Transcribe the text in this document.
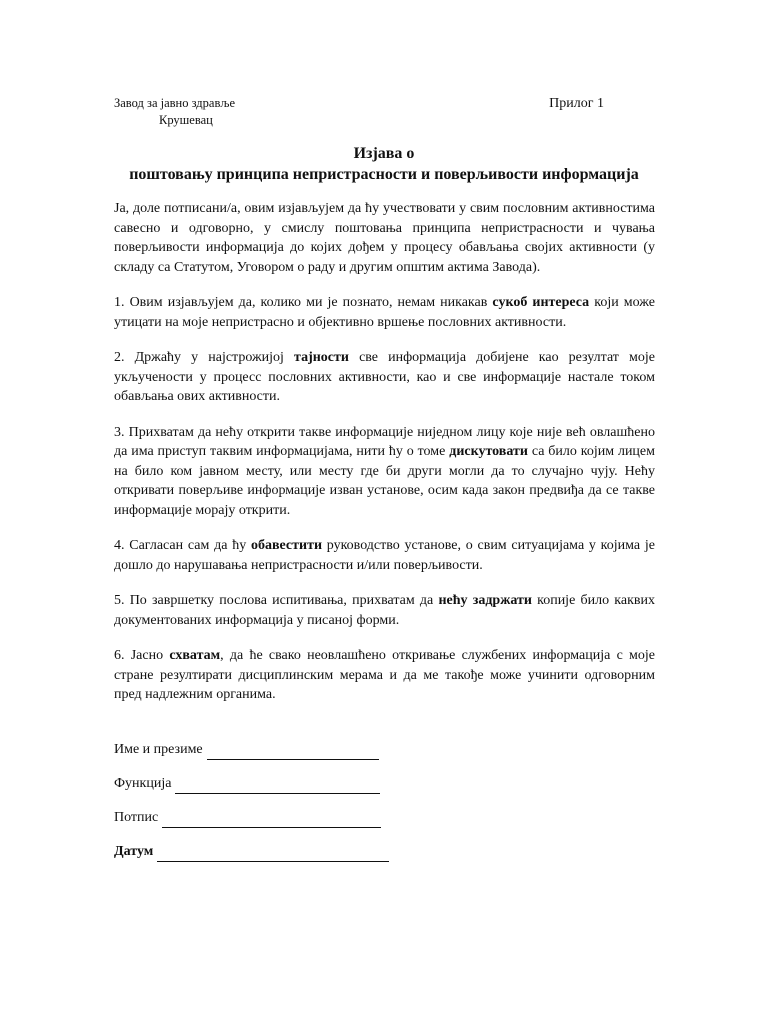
Завод за јавно здравље
Крушевац
Прилог 1
Изјава о
поштовању принципа непристрасности и поверљивости информација

Ја, доле потписани/а, овим изјављујем да ћу учествовати у свим пословним активностима савесно и одговорно, у смислу поштовања принципа непристрасности и чувања поверљивости информација до којих дођем у процесу обављања својих активности (у складу са Статутом, Уговором о раду и другим општим актима Завода).

1. Овим изјављујем да, колико ми је познато, немам никакав сукоб интереса који може утицати на моје непристрасно и објективно вршење пословних активности.

2. Држаћу у најстрожијој тајности све информација добијене као резултат моје укључености у процесс пословних активности, као и све информације настале током обављања ових активности.

3. Прихватам да нећу открити такве информације ниједном лицу које није већ овлашћено да има приступ таквим информацијама, нити ћу о томе дискутовати са било којим лицем на било ком јавном месту, или месту где би други могли да то случајно чују. Нећу откривати поверљиве информације изван установе, осим када закон предвиђа да се такве информације морају открити.

4. Сагласан сам да ћу обавестити руководство установе, о свим ситуацијама у којима је дошло до нарушавања непристрасности и/или поверљивости.

5. По завршетку послова испитивања, прихватам да нећу задржати копије било каквих документованих информација у писаној форми.

6. Јасно схватам, да ће свако неовлашћено откривање службених информација с моје стране резултирати дисциплинским мерама и да ме такође може учинити одговорним пред надлежним органима.

Име и презиме
Функција
Потпис
Датум
